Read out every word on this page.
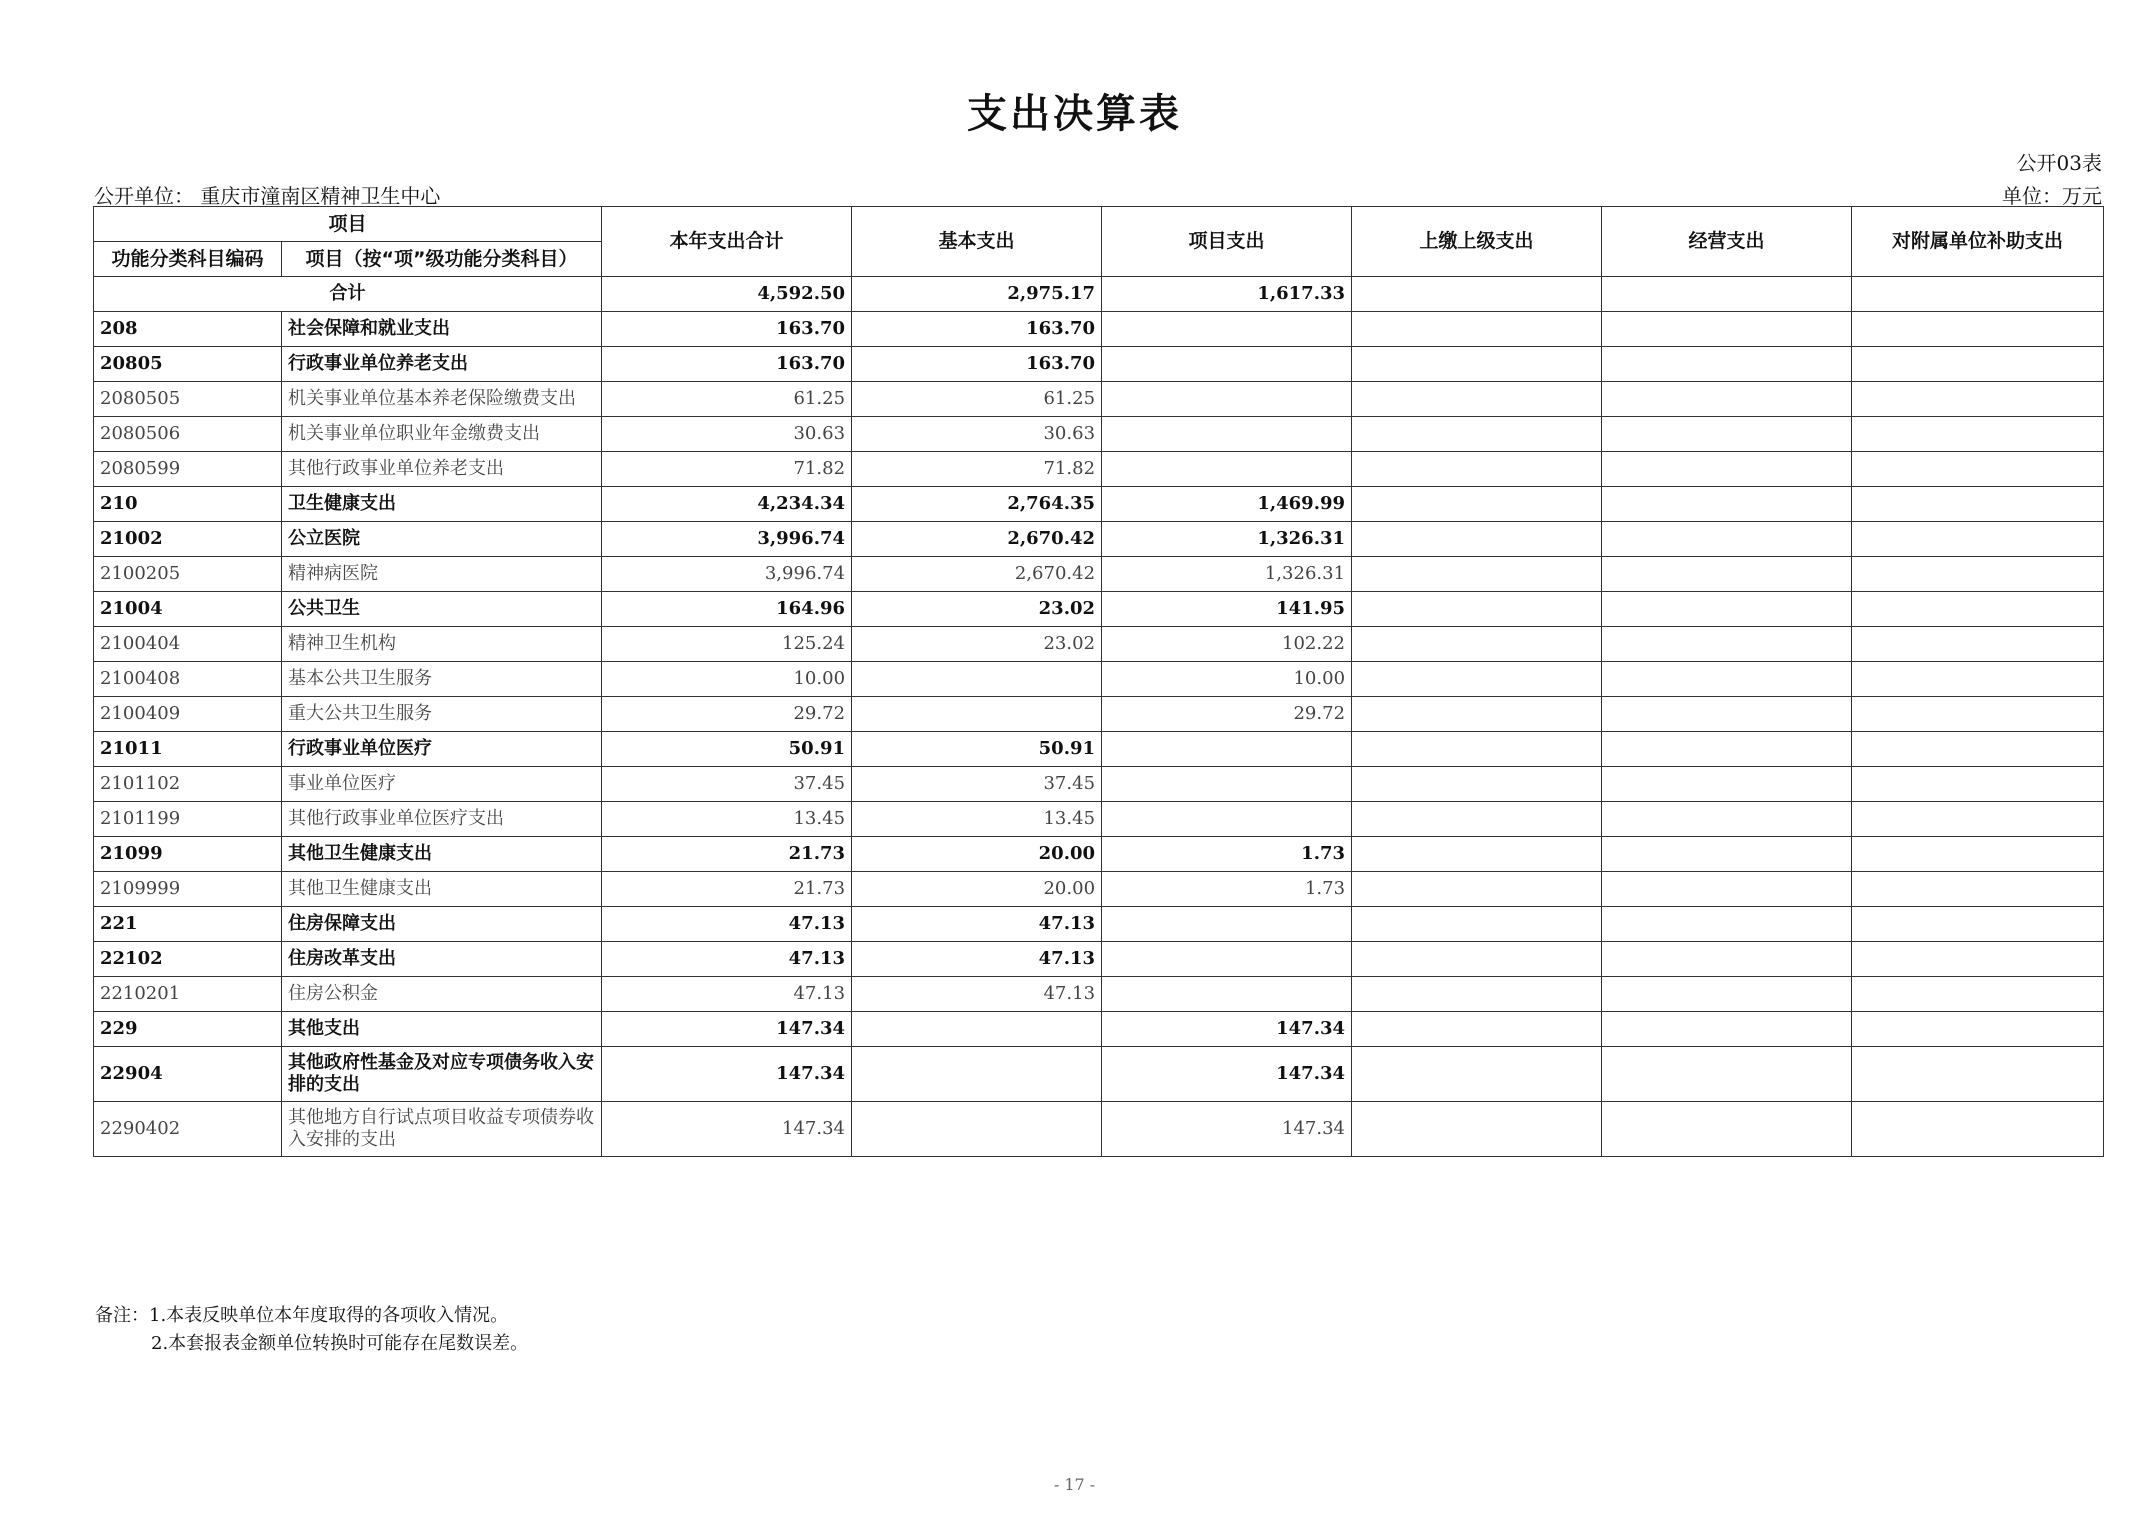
支出决算表
公开03表
公开单位： 重庆市潼南区精神卫生中心	单位：万元
项目		本年支出合计	基本支出	项目支出	上缴上级支出	经营支出	对附属单位补助支出
功能分类科目编码	项目（按“项”级功能分类科目）						
合计		4,592.50	2,975.17	1,617.33			
208	社会保障和就业支出	163.70	163.70				
20805	行政事业单位养老支出	163.70	163.70				
2080505	机关事业单位基本养老保险缴费支出	61.25	61.25				
2080506	机关事业单位职业年金缴费支出	30.63	30.63				
2080599	其他行政事业单位养老支出	71.82	71.82				
210	卫生健康支出	4,234.34	2,764.35	1,469.99			
21002	公立医院	3,996.74	2,670.42	1,326.31			
2100205	精神病医院	3,996.74	2,670.42	1,326.31			
21004	公共卫生	164.96	23.02	141.95			
2100404	精神卫生机构	125.24	23.02	102.22			
2100408	基本公共卫生服务	10.00		10.00			
2100409	重大公共卫生服务	29.72		29.72			
21011	行政事业单位医疗	50.91	50.91				
2101102	事业单位医疗	37.45	37.45				
2101199	其他行政事业单位医疗支出	13.45	13.45				
21099	其他卫生健康支出	21.73	20.00	1.73			
2109999	其他卫生健康支出	21.73	20.00	1.73			
221	住房保障支出	47.13	47.13				
22102	住房改革支出	47.13	47.13				
2210201	住房公积金	47.13	47.13				
229	其他支出	147.34		147.34			
22904	其他政府性基金及对应专项债务收入安排的支出	147.34		147.34			
2290402	其他地方自行试点项目收益专项债券收入安排的支出	147.34		147.34			
备注：1.本表反映单位本年度取得的各项收入情况。
2.本套报表金额单位转换时可能存在尾数误差。
- 17 -
